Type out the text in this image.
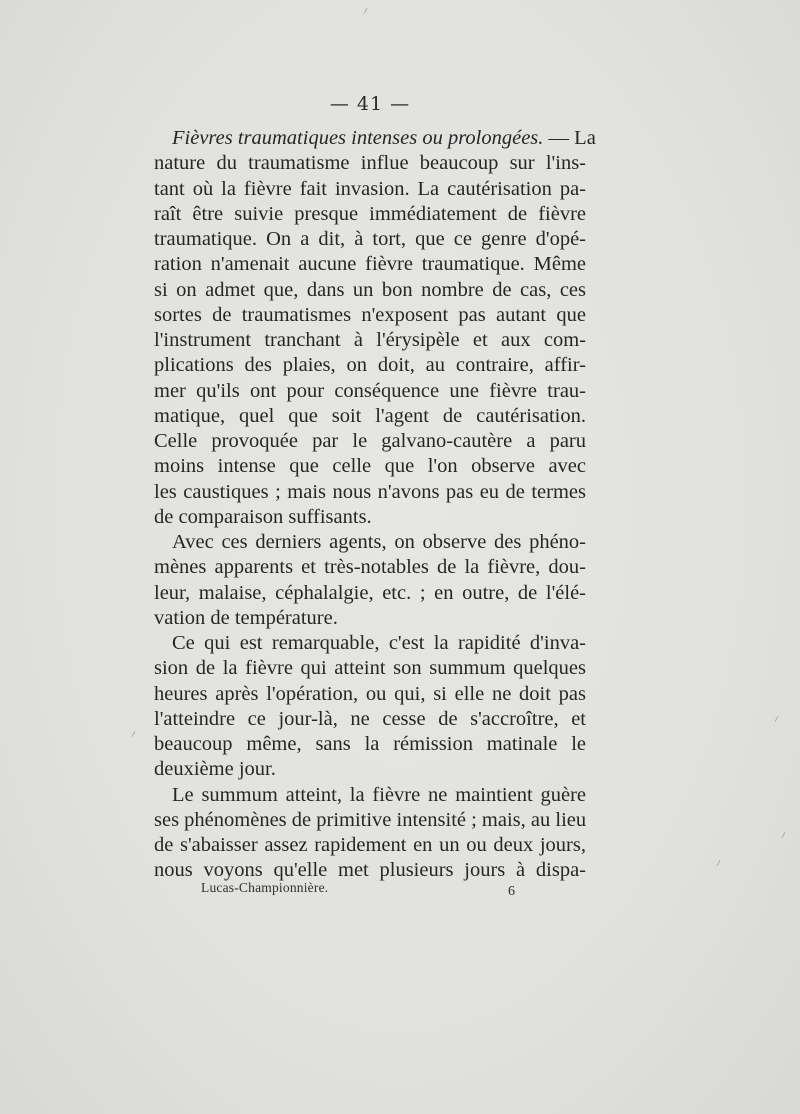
— 41 —
Fièvres traumatiques intenses ou prolongées. — La
nature du traumatisme influe beaucoup sur l'ins-
tant où la fièvre fait invasion. La cautérisation pa-
raît être suivie presque immédiatement de fièvre
traumatique. On a dit, à tort, que ce genre d'opé-
ration n'amenait aucune fièvre traumatique. Même
si on admet que, dans un bon nombre de cas, ces
sortes de traumatismes n'exposent pas autant que
l'instrument tranchant à l'érysipèle et aux com-
plications des plaies, on doit, au contraire, affir-
mer qu'ils ont pour conséquence une fièvre trau-
matique, quel que soit l'agent de cautérisation.
Celle provoquée par le galvano-cautère a paru
moins intense que celle que l'on observe avec
les caustiques ; mais nous n'avons pas eu de termes
de comparaison suffisants.
Avec ces derniers agents, on observe des phéno-
mènes apparents et très-notables de la fièvre, dou-
leur, malaise, céphalalgie, etc. ; en outre, de l'élé-
vation de température.
Ce qui est remarquable, c'est la rapidité d'inva-
sion de la fièvre qui atteint son summum quelques
heures après l'opération, ou qui, si elle ne doit pas
l'atteindre ce jour-là, ne cesse de s'accroître, et
beaucoup même, sans la rémission matinale le
deuxième jour.
Le summum atteint, la fièvre ne maintient guère
ses phénomènes de primitive intensité ; mais, au lieu
de s'abaisser assez rapidement en un ou deux jours,
nous voyons qu'elle met plusieurs jours à dispa-
Lucas-Championnière.	6
